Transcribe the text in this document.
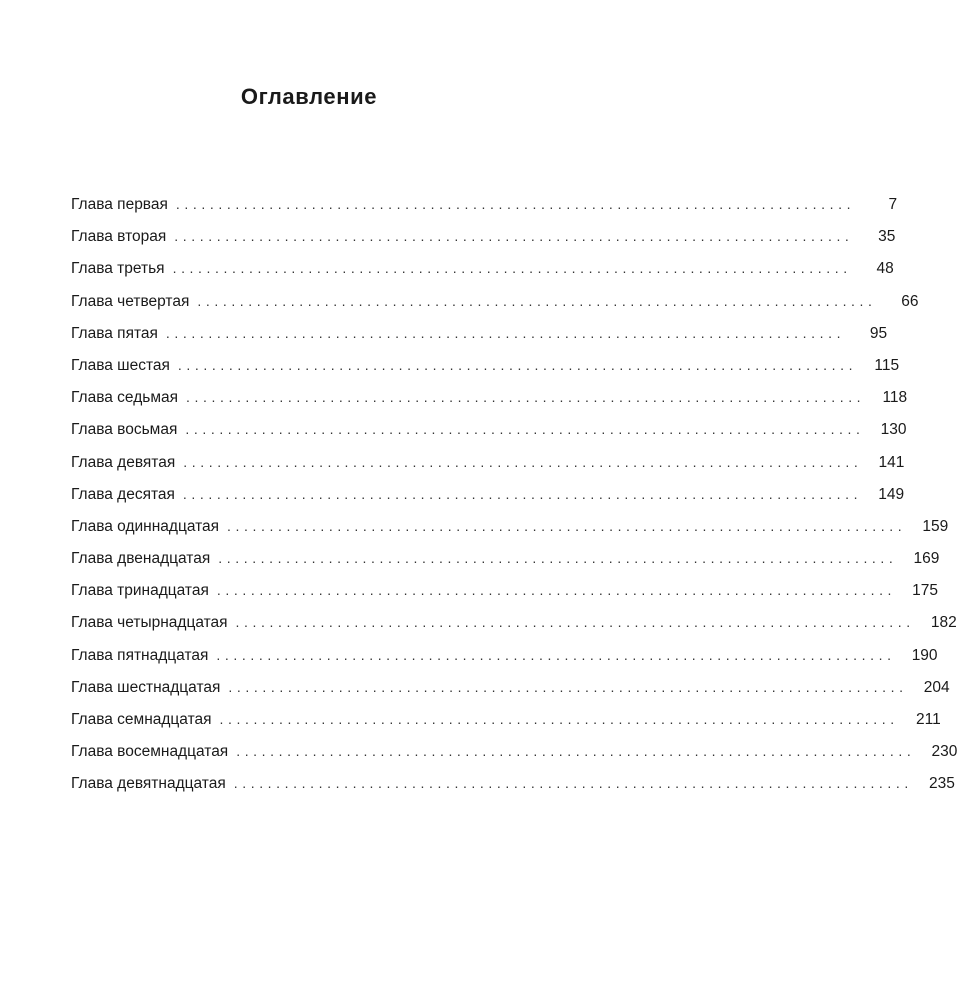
Оглавление
Глава первая ................................................................................	7
Глава вторая ................................................................................	35
Глава третья ................................................................................	48
Глава четвертая ................................................................................	66
Глава пятая ................................................................................	95
Глава шестая ................................................................................	115
Глава седьмая ................................................................................	118
Глава восьмая ................................................................................	130
Глава девятая ................................................................................	141
Глава десятая ................................................................................	149
Глава одиннадцатая ................................................................................	159
Глава двенадцатая ................................................................................	169
Глава тринадцатая ................................................................................	175
Глава четырнадцатая ................................................................................	182
Глава пятнадцатая ................................................................................	190
Глава шестнадцатая ................................................................................	204
Глава семнадцатая ................................................................................	211
Глава восемнадцатая ................................................................................	230
Глава девятнадцатая ................................................................................	235
